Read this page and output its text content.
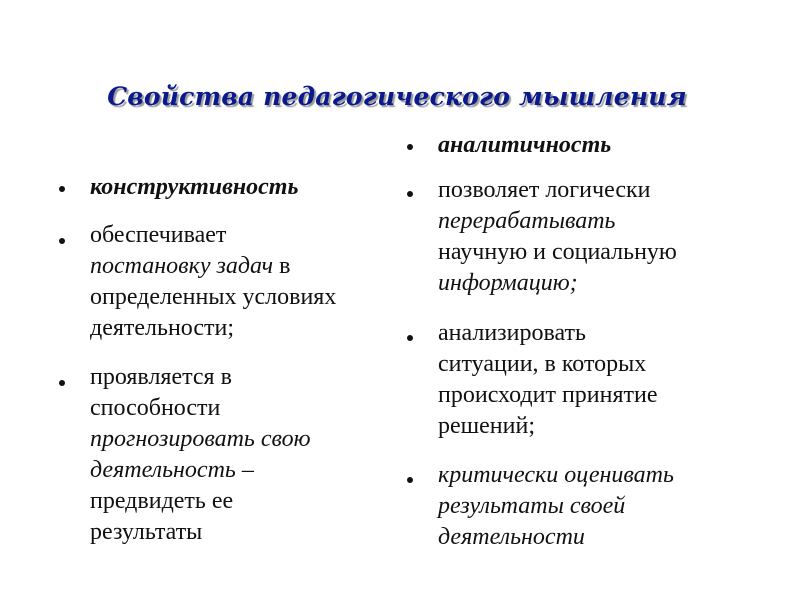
Свойства педагогического мышления
конструктивность
обеспечивает
постановку задач в
определенных условиях
деятельности;
проявляется в
способности
прогнозировать свою
деятельность –
предвидеть ее
результаты
аналитичность
позволяет логически
перерабатывать
научную и социальную
информацию;
анализировать
ситуации, в которых
происходит принятие
решений;
критически оценивать
результаты своей
деятельности
